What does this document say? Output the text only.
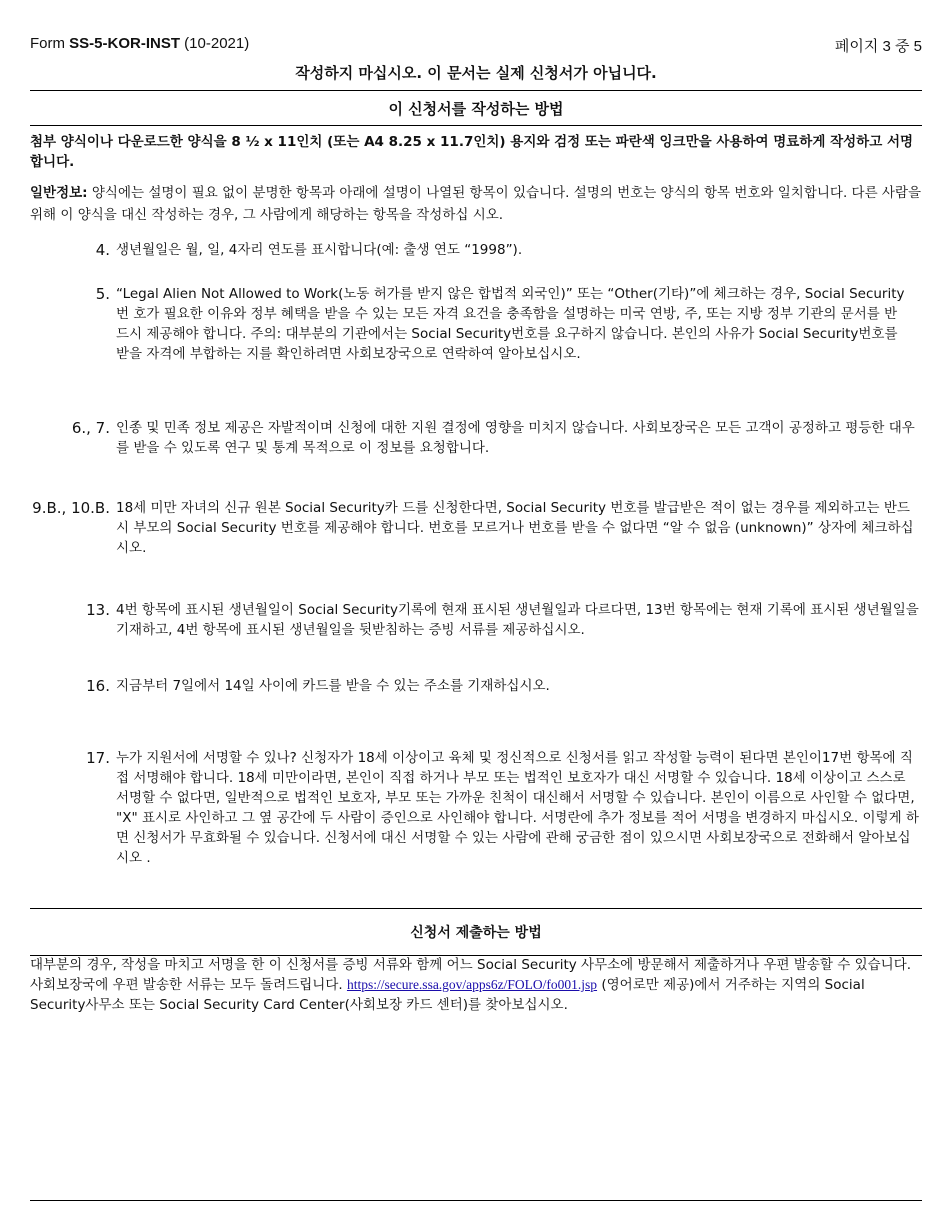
Form SS-5-KOR-INST (10-2021)	페이지 3 중 5
작성하지 마십시오. 이 문서는 실제 신청서가 아닙니다.
이 신청서를 작성하는 방법
첨부 양식이나 다운로드한 양식을 8 ½ x 11인치 (또는 A4 8.25 x 11.7인치) 용지와 검정 또는 파란색 잉크만을 사용하여 명료하게 작성하고 서명합니다.
일반정보: 양식에는 설명이 필요 없이 분명한 항목과 아래에 설명이 나열된 항목이 있습니다. 설명의 번호는 양식의 항목 번호와 일치합니다. 다른 사람을 위해 이 양식을 대신 작성하는 경우, 그 사람에게 해당하는 항목을 작성하십 시오.
4. 생년월일은 월, 일, 4자리 연도를 표시합니다(예: 출생 연도 “1998”).
5. “Legal Alien Not Allowed to Work(노동 허가를 받지 않은 합법적 외국인)” 또는 “Other(기타)”에 체크하는 경우, Social Security번 호가 필요한 이유와 정부 혜택을 받을 수 있는 모든 자격 요건을 충족함을 설명하는 미국 연방, 주, 또는 지방 정부 기관의 문서를 반드시 제공해야 합니다. 주의: 대부분의 기관에서는 Social Security번호를 요구하지 않습니다. 본인의 사유가 Social Security번호를 받을 자격에 부합하는 지를 확인하려면 사회보장국으로 연락하여 알아보십시오.
6., 7. 인종 및 민족 정보 제공은 자발적이며 신청에 대한 지원 결정에 영향을 미치지 않습니다. 사회보장국은 모든 고객이 공정하고 평등한 대우를 받을 수 있도록 연구 및 통계 목적으로 이 정보를 요청합니다.
9.B., 10.B. 18세 미만 자녀의 신규 원본 Social Security카 드를 신청한다면, Social Security 번호를 발급받은 적이 없는 경우를 제외하고는 반드시 부모의 Social Security 번호를 제공해야 합니다. 번호를 모르거나 번호를 받을 수 없다면 “알 수 없음 (unknown)” 상자에 체크하십시오.
13. 4번 항목에 표시된 생년월일이 Social Security기록에 현재 표시된 생년월일과 다르다면, 13번 항목에는 현재 기록에 표시된 생년월일을 기재하고, 4번 항목에 표시된 생년월일을 뒷받침하는 증빙 서류를 제공하십시오.
16. 지금부터 7일에서 14일 사이에 카드를 받을 수 있는 주소를 기재하십시오.
17. 누가 지원서에 서명할 수 있나? 신청자가 18세 이상이고 육체 및 정신적으로 신청서를 읽고 작성할 능력이 된다면 본인이17번 항목에 직접 서명해야 합니다. 18세 미만이라면, 본인이 직접 하거나 부모 또는 법적인 보호자가 대신 서명할 수 있습니다. 18세 이상이고 스스로 서명할 수 없다면, 일반적으로 법적인 보호자, 부모 또는 가까운 친척이 대신해서 서명할 수 있습니다. 본인이 이름으로 사인할 수 없다면, "X" 표시로 사인하고 그 옆 공간에 두 사람이 증인으로 사인해야 합니다. 서명란에 추가 정보를 적어 서명을 변경하지 마십시오. 이렇게 하면 신청서가 무효화될 수 있습니다. 신청서에 대신 서명할 수 있는 사람에 관해 궁금한 점이 있으시면 사회보장국으로 전화해서 알아보십시오 .
신청서 제출하는 방법
대부분의 경우, 작성을 마치고 서명을 한 이 신청서를 증빙 서류와 함께 어느 Social Security 사무소에 방문해서 제출하거나 우편 발송할 수 있습니다. 사회보장국에 우편 발송한 서류는 모두 돌려드립니다. https://secure.ssa.gov/apps6z/FOLO/fo001.jsp (영어로만 제공)에서 거주하는 지역의 Social Security사무소 또는 Social Security Card Center(사회보장 카드 센터)를 찾아보십시오.
